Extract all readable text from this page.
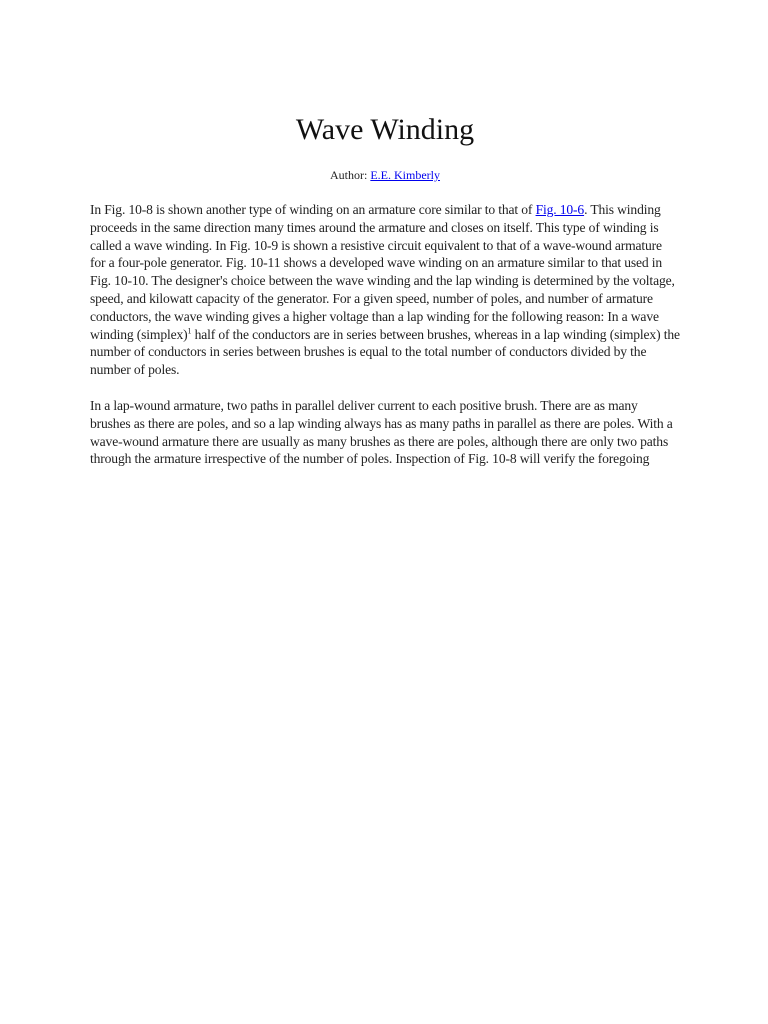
Wave Winding
Author: E.E. Kimberly

In Fig. 10-8 is shown another type of winding on an armature core similar to that of Fig. 10-6. This winding proceeds in the same direction many times around the armature and closes on itself. This type of winding is called a wave winding. In Fig. 10-9 is shown a resistive circuit equivalent to that of a wave-wound armature for a four-pole generator. Fig. 10-11 shows a developed wave winding on an armature similar to that used in Fig. 10-10. The designer's choice between the wave winding and the lap winding is determined by the voltage, speed, and kilowatt capacity of the generator. For a given speed, number of poles, and number of armature conductors, the wave winding gives a higher voltage than a lap winding for the following reason: In a wave winding (simplex)$^1$ half of the conductors are in series between brushes, whereas in a lap winding (simplex) the number of conductors in series between brushes is equal to the total number of conductors divided by the number of poles.

In a lap-wound armature, two paths in parallel deliver current to each positive brush. There are as many brushes as there are poles, and so a lap winding always has as many paths in parallel as there are poles. With a wave-wound armature there are usually as many brushes as there are poles, although there are only two paths through the armature irrespective of the number of poles. Inspection of Fig. 10-8 will verify the foregoing
